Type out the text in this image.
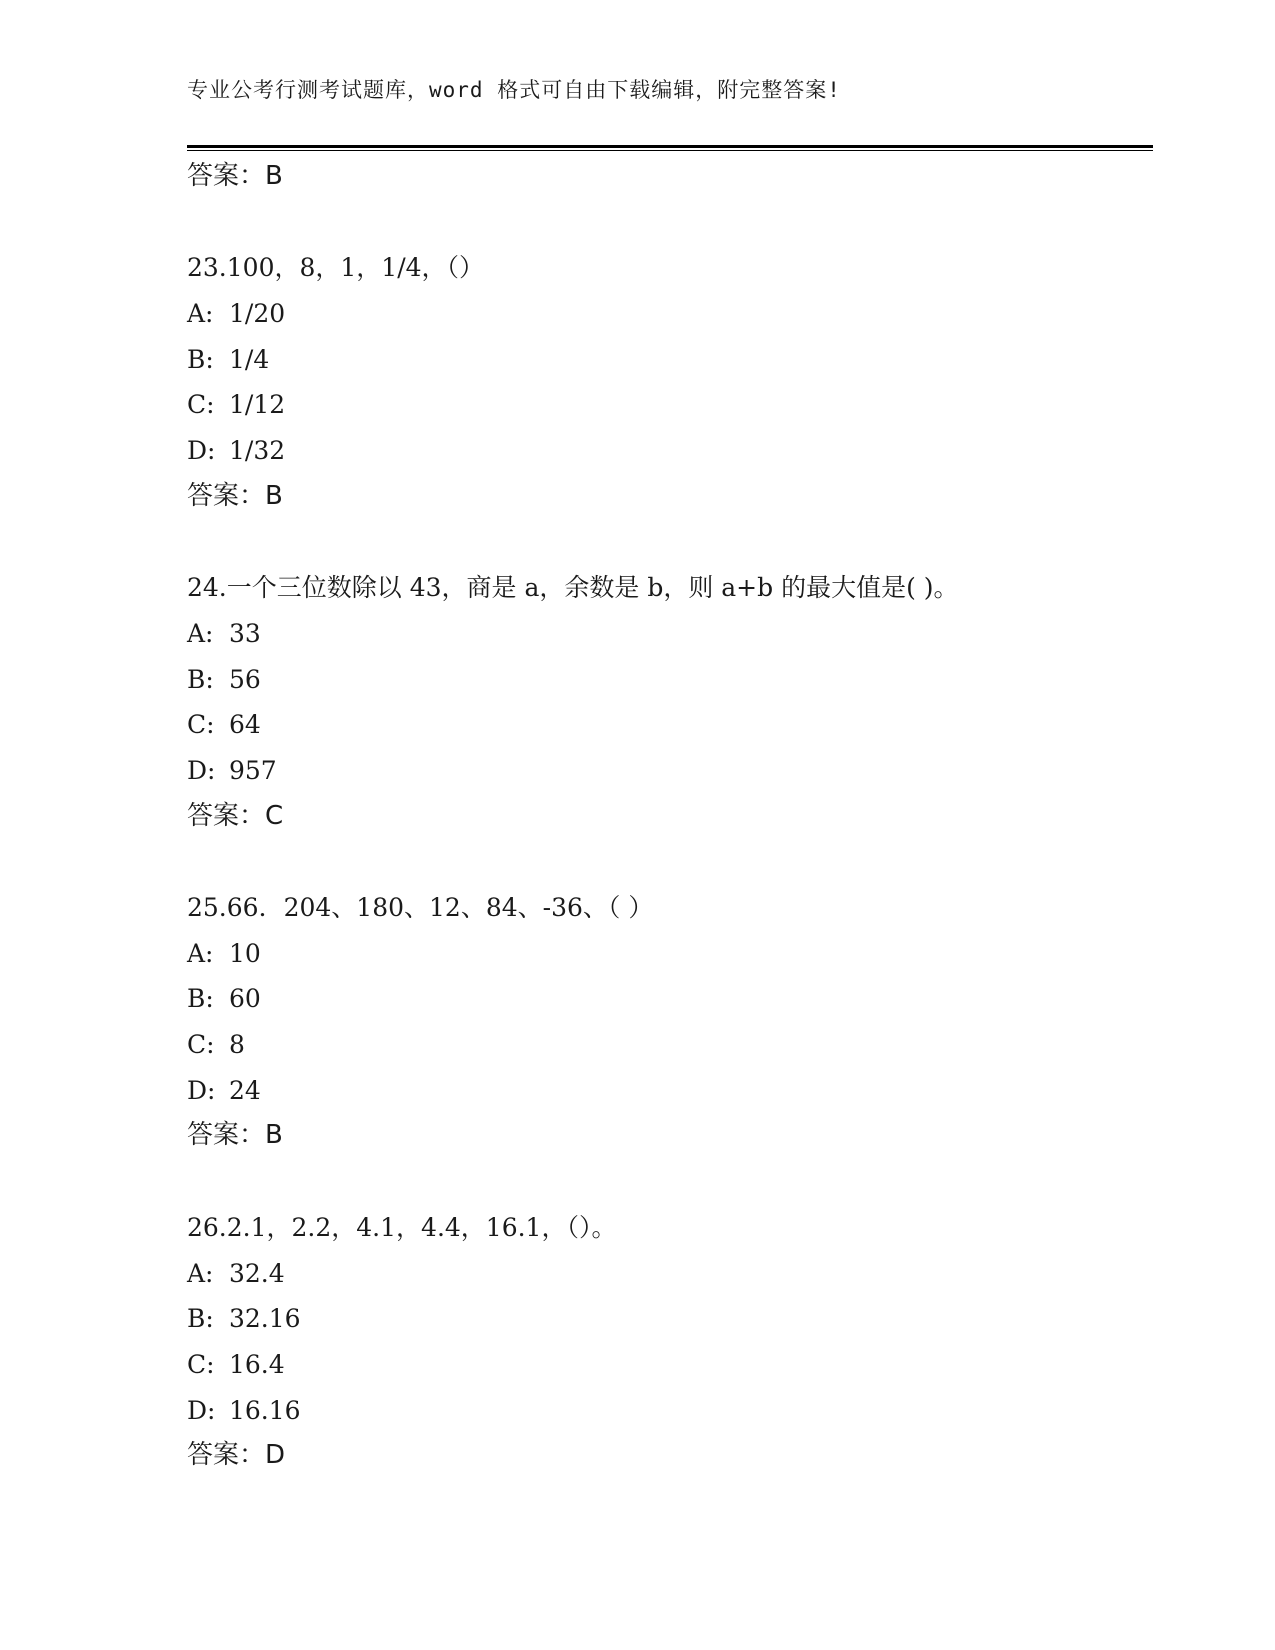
专业公考行测考试题库，word 格式可自由下载编辑，附完整答案!
答案：B
23.100，8，1，1/4，（）
A: 1/20
B: 1/4
C: 1/12
D: 1/32
答案：B
24.一个三位数除以 43，商是 a，余数是 b，则 a+b 的最大值是( )。
A: 33
B: 56
C: 64
D: 957
答案：C
25.66．204、180、12、84、-36、（ ）
A: 10
B: 60
C: 8
D: 24
答案：B
26.2.1，2.2，4.1，4.4，16.1，（）。
A: 32.4
B: 32.16
C: 16.4
D: 16.16
答案：D
